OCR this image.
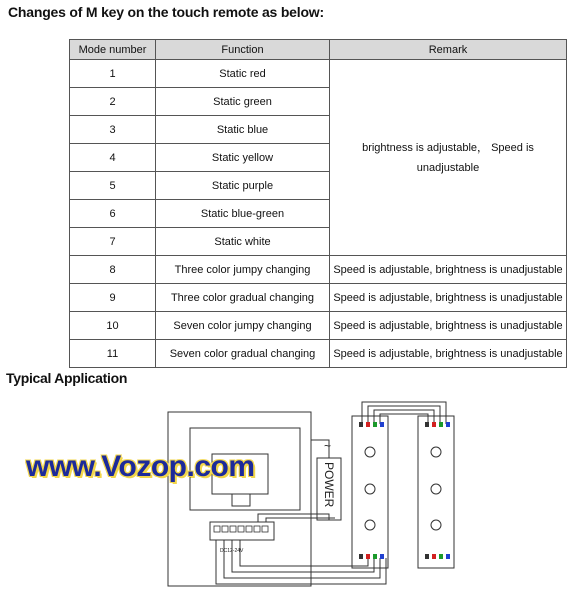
Changes of M key on the touch remote as below:
Mode number	Function	Remark
1	Static red	brightness is adjustable， Speed is unadjustable
2	Static green	
3	Static blue	
4	Static yellow	
5	Static purple	
6	Static blue-green	
7	Static white	
8	Three color jumpy changing	Speed is adjustable, brightness is unadjustable
9	Three color gradual changing	Speed is adjustable, brightness is unadjustable
10	Seven color jumpy changing	Speed is adjustable, brightness is unadjustable
11	Seven color gradual changing	Speed is adjustable, brightness is unadjustable
Typical Application
POWER
~
DC12-24V
www.Vozop.com
